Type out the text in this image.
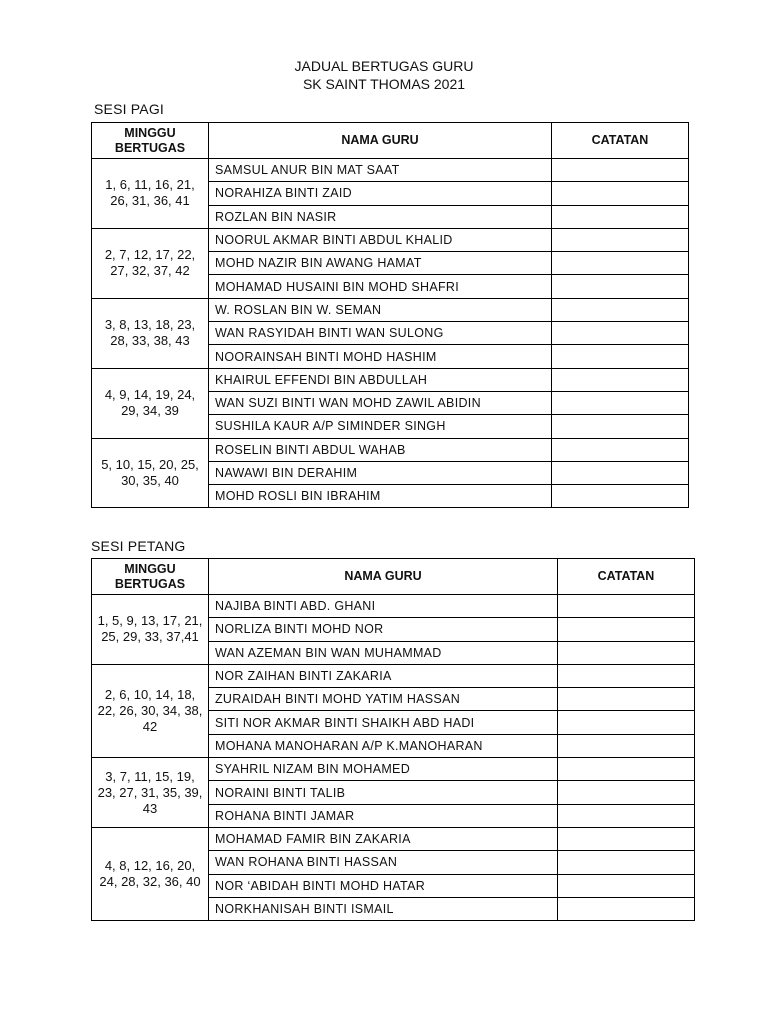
JADUAL BERTUGAS GURU
SK SAINT THOMAS 2021
SESI PAGI
MINGGU BERTUGAS	NAMA GURU	CATATAN
1, 6, 11, 16, 21, 26, 31, 36, 41	SAMSUL ANUR BIN MAT SAAT	
	NORAHIZA BINTI ZAID	
	ROZLAN BIN NASIR	
2, 7, 12, 17, 22, 27, 32, 37, 42	NOORUL AKMAR BINTI ABDUL KHALID	
	MOHD NAZIR BIN AWANG HAMAT	
	MOHAMAD HUSAINI BIN MOHD SHAFRI	
3, 8, 13, 18, 23, 28, 33, 38, 43	W. ROSLAN BIN W. SEMAN	
	WAN RASYIDAH BINTI WAN SULONG	
	NOORAINSAH BINTI MOHD HASHIM	
4, 9, 14, 19, 24, 29, 34, 39	KHAIRUL EFFENDI BIN ABDULLAH	
	WAN SUZI BINTI WAN MOHD ZAWIL ABIDIN	
	SUSHILA KAUR A/P SIMINDER SINGH	
5, 10, 15, 20, 25, 30, 35, 40	ROSELIN BINTI ABDUL WAHAB	
	NAWAWI BIN DERAHIM	
	MOHD ROSLI BIN IBRAHIM	
SESI PETANG
MINGGU BERTUGAS	NAMA GURU	CATATAN
1, 5, 9, 13, 17, 21, 25, 29, 33, 37,41	NAJIBA BINTI ABD. GHANI	
	NORLIZA BINTI MOHD NOR	
	WAN AZEMAN BIN WAN MUHAMMAD	
2, 6, 10, 14, 18, 22, 26, 30, 34, 38, 42	NOR ZAIHAN BINTI ZAKARIA	
	ZURAIDAH BINTI MOHD YATIM HASSAN	
	SITI NOR AKMAR BINTI SHAIKH ABD HADI	
	MOHANA MANOHARAN A/P K.MANOHARAN	
3, 7, 11, 15, 19, 23, 27, 31, 35, 39, 43	SYAHRIL NIZAM BIN MOHAMED	
	NORAINI BINTI TALIB	
	ROHANA BINTI JAMAR	
4, 8, 12, 16, 20, 24, 28, 32, 36, 40	MOHAMAD FAMIR BIN ZAKARIA	
	WAN ROHANA BINTI HASSAN	
	NOR ‘ABIDAH BINTI MOHD HATAR	
	NORKHANISAH BINTI ISMAIL	
